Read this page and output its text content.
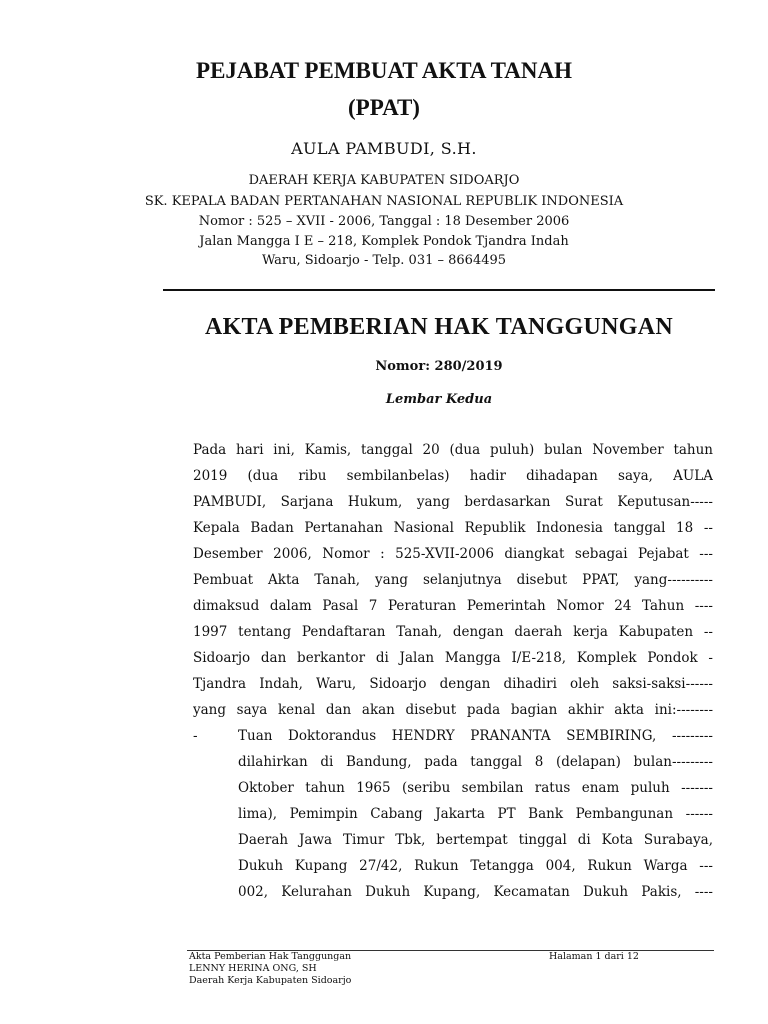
PEJABAT PEMBUAT AKTA TANAH
(PPAT)
AULA PAMBUDI, S.H.
DAERAH KERJA KABUPATEN SIDOARJO
SK. KEPALA BADAN PERTANAHAN NASIONAL REPUBLIK INDONESIA
Nomor : 525 – XVII - 2006, Tanggal : 18 Desember 2006
Jalan Mangga I E – 218, Komplek Pondok Tjandra Indah
Waru, Sidoarjo - Telp. 031 – 8664495
AKTA PEMBERIAN HAK TANGGUNGAN
Nomor: 280/2019
Lembar Kedua
Pada hari ini, Kamis, tanggal 20 (dua puluh) bulan November tahun
2019 (dua ribu sembilanbelas) hadir dihadapan saya, AULA
PAMBUDI, Sarjana Hukum, yang berdasarkan Surat Keputusan-----
Kepala Badan Pertanahan Nasional Republik Indonesia tanggal 18 --
Desember 2006, Nomor : 525-XVII-2006 diangkat sebagai Pejabat ---
Pembuat Akta Tanah, yang selanjutnya disebut PPAT, yang----------
dimaksud dalam Pasal 7 Peraturan Pemerintah Nomor 24 Tahun ----
1997 tentang Pendaftaran Tanah, dengan daerah kerja Kabupaten --
Sidoarjo dan berkantor di Jalan Mangga I/E-218, Komplek Pondok -
Tjandra Indah, Waru, Sidoarjo dengan dihadiri oleh saksi-saksi------
yang saya kenal dan akan disebut pada bagian akhir akta ini:--------
-	Tuan Doktorandus HENDRY PRANANTA SEMBIRING, ---------
dilahirkan di Bandung, pada tanggal 8 (delapan) bulan---------
Oktober tahun 1965 (seribu sembilan ratus enam puluh -------
lima), Pemimpin Cabang Jakarta PT Bank Pembangunan ------
Daerah Jawa Timur Tbk, bertempat tinggal di Kota Surabaya,
Dukuh Kupang 27/42, Rukun Tetangga 004, Rukun Warga ---
002, Kelurahan Dukuh Kupang, Kecamatan Dukuh Pakis, ----
Akta Pemberian Hak Tanggungan	Halaman 1 dari 12
LENNY HERINA ONG, SH
Daerah Kerja Kabupaten Sidoarjo
